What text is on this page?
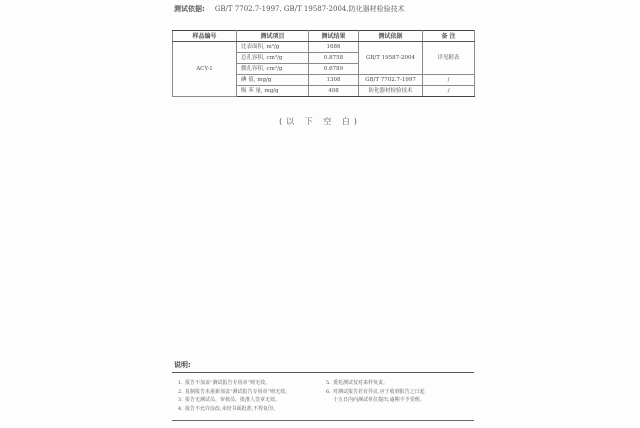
测试依据: GB/T 7702.7-1997, GB/T 19587-2004,防化器材检验技术
样品编号	测试项目	测试结果	测试依据	备 注
ACY-1	比表面积, m²/g	1686	GB/T 19587-2004	详见附表
	总孔容积, cm³/g	0.8758		
	微孔容积, cm³/g	0.6789		
	碘 值, mg/g	1308	GB/T 7702.7-1997	/
	吸 苯 量, mg/g	408	防化器材检验技术	/
(以 下 空 白)
说明:
1. 报告不加盖“测试报告专用章”则无效。
2. 复制报告未重新加盖“测试报告专用章”则无效。
3. 报告无测试员、审核员、批准人签章无效。
4. 报告不允许涂改,未经书面批准,不得复印。
5. 委托测试仅对来样负责。
6. 对测试报告若有异议,应于收到报告之日起
十五日内向测试单位提出,逾期不予受理。
